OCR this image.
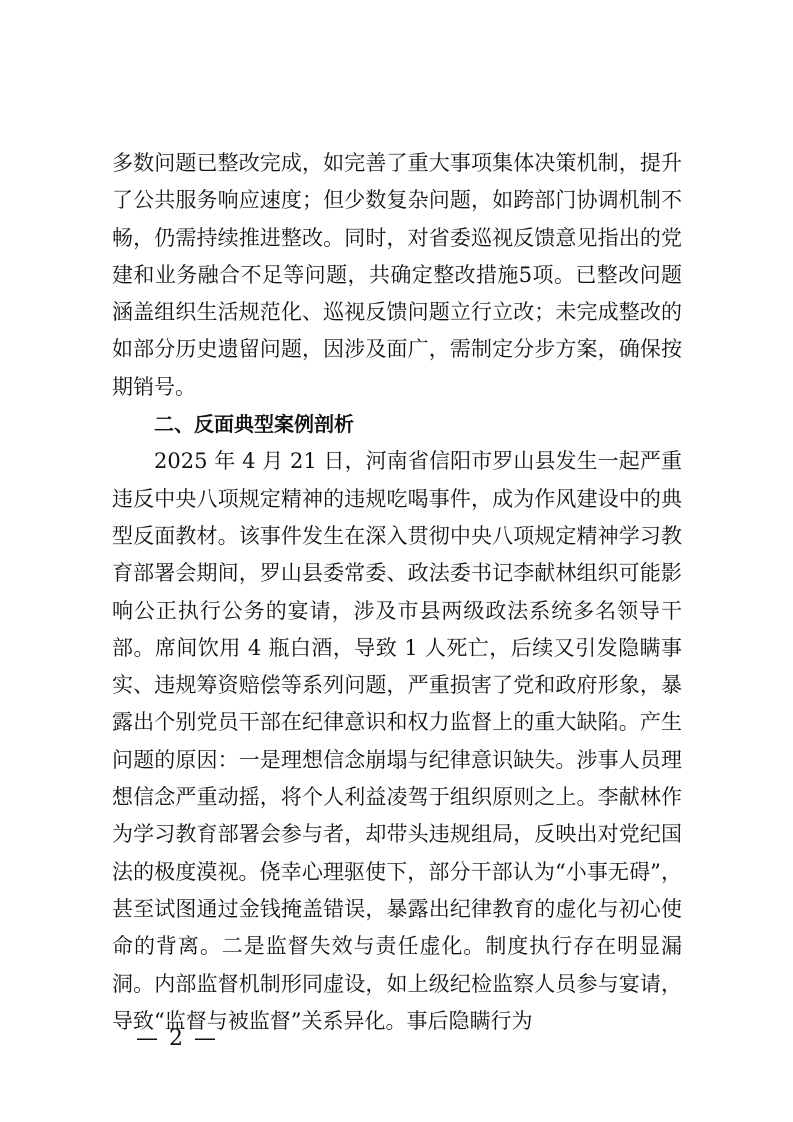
多数问题已整改完成，如完善了重大事项集体决策机制，提升了公共服务响应速度；但少数复杂问题，如跨部门协调机制不畅，仍需持续推进整改。同时，对省委巡视反馈意见指出的党建和业务融合不足等问题，共确定整改措施5项。已整改问题涵盖组织生活规范化、巡视反馈问题立行立改；未完成整改的如部分历史遗留问题，因涉及面广，需制定分步方案，确保按期销号。

二、反面典型案例剖析

2025 年 4 月 21 日，河南省信阳市罗山县发生一起严重违反中央八项规定精神的违规吃喝事件，成为作风建设中的典型反面教材。该事件发生在深入贯彻中央八项规定精神学习教育部署会期间，罗山县委常委、政法委书记李献林组织可能影响公正执行公务的宴请，涉及市县两级政法系统多名领导干部。席间饮用 4 瓶白酒，导致 1 人死亡，后续又引发隐瞒事实、违规筹资赔偿等系列问题，严重损害了党和政府形象，暴露出个别党员干部在纪律意识和权力监督上的重大缺陷。产生问题的原因：一是理想信念崩塌与纪律意识缺失。涉事人员理想信念严重动摇，将个人利益凌驾于组织原则之上。李献林作为学习教育部署会参与者，却带头违规组局，反映出对党纪国法的极度漠视。侥幸心理驱使下，部分干部认为“小事无碍”，甚至试图通过金钱掩盖错误，暴露出纪律教育的虚化与初心使命的背离。二是监督失效与责任虚化。制度执行存在明显漏洞。内部监督机制形同虚设，如上级纪检监察人员参与宴请，导致“监督与被监督”关系异化。事后隐瞒行为

— 2 —
